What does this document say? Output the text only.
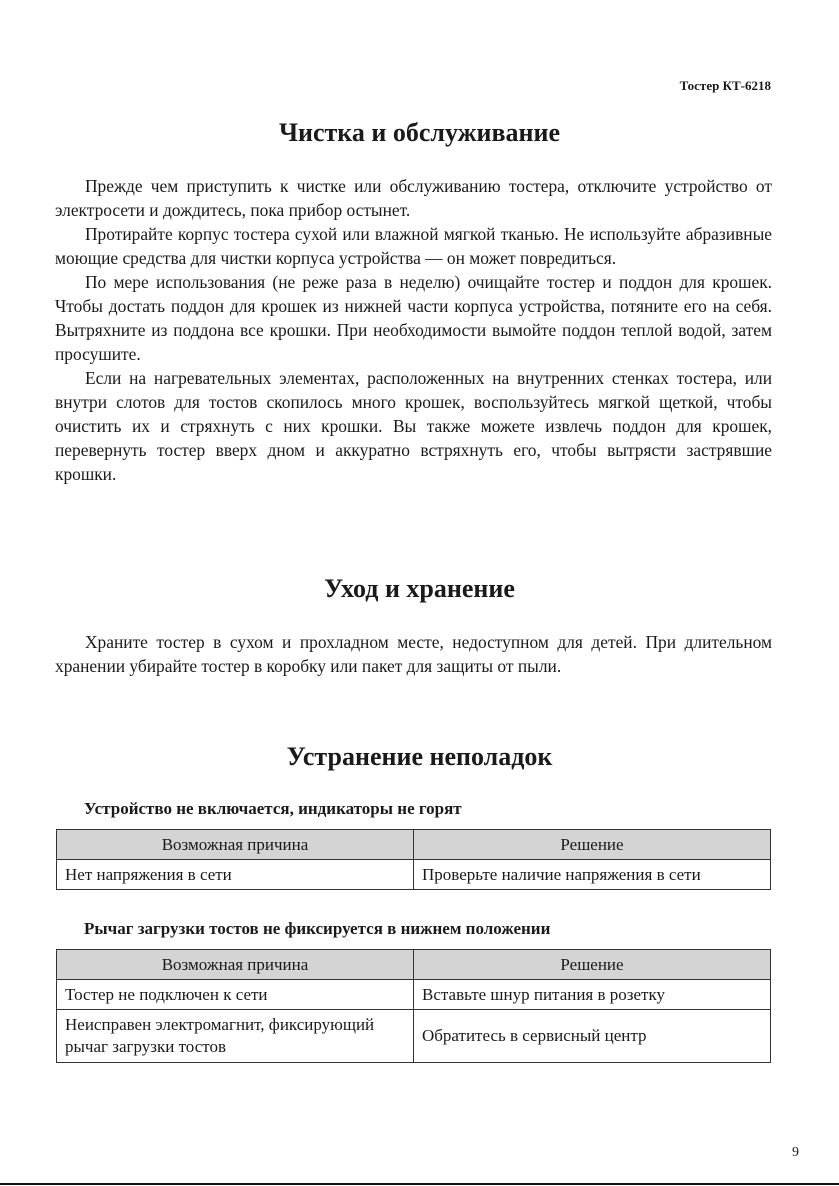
Тостер КТ-6218
Чистка и обслуживание

Прежде чем приступить к чистке или обслуживанию тостера, отключите устройство от электросети и дождитесь, пока прибор остынет.

Протирайте корпус тостера сухой или влажной мягкой тканью. Не используйте абразивные моющие средства для чистки корпуса устройства — он может повредиться.

По мере использования (не реже раза в неделю) очищайте тостер и поддон для крошек. Чтобы достать поддон для крошек из нижней части корпуса устройства, потяните его на себя. Вытряхните из поддона все крошки. При необходимости вымойте поддон теплой водой, затем просушите.

Если на нагревательных элементах, расположенных на внутренних стенках тостера, или внутри слотов для тостов скопилось много крошек, воспользуйтесь мягкой щеткой, чтобы очистить их и стряхнуть с них крошки. Вы также можете извлечь поддон для крошек, перевернуть тостер вверх дном и аккуратно встряхнуть его, чтобы вытрясти застрявшие крошки.

Уход и хранение

Храните тостер в сухом и прохладном месте, недоступном для детей. При длительном хранении убирайте тостер в коробку или пакет для защиты от пыли.

Устранение неполадок
Устройство не включается, индикаторы не горят
Возможная причина	Решение
Нет напряжения в сети	Проверьте наличие напряжения в сети
Рычаг загрузки тостов не фиксируется в нижнем положении
Возможная причина	Решение
Тостер не подключен к сети	Вставьте шнур питания в розетку
Неисправен электромагнит, фиксирующий рычаг загрузки тостов	Обратитесь в сервисный центр
9
